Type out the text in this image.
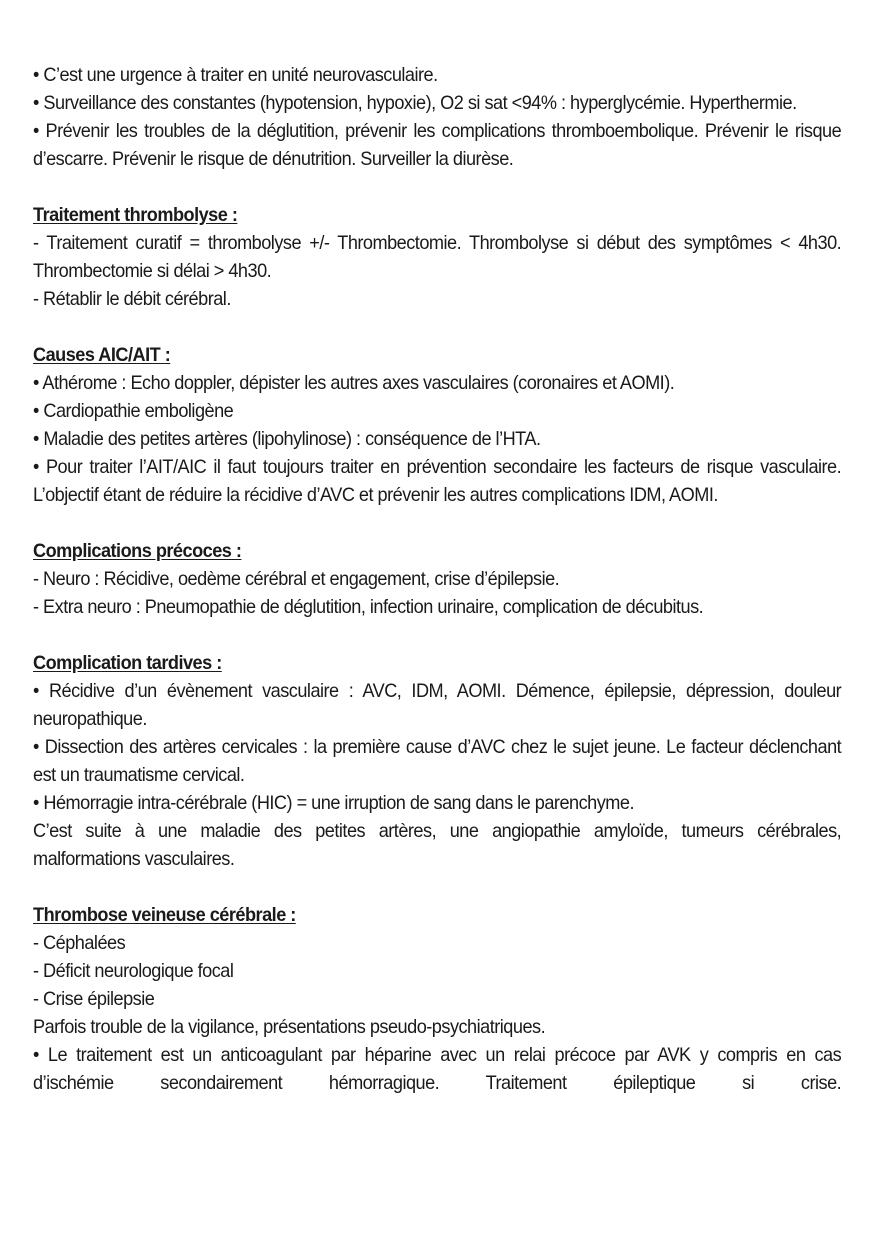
• C’est une urgence à traiter en unité neurovasculaire.

• Surveillance des constantes (hypotension, hypoxie), O2 si sat <94% : hyperglycémie. Hyperthermie.

• Prévenir les troubles de la déglutition, prévenir les complications thromboembolique. Prévenir le risque d’escarre. Prévenir le risque de dénutrition. Surveiller la diurèse.

Traitement thrombolyse :

- Traitement curatif = thrombolyse +/- Thrombectomie. Thrombolyse si début des symptômes < 4h30. Thrombectomie si délai > 4h30.

- Rétablir le débit cérébral.

Causes AIC/AIT :

• Athérome : Echo doppler, dépister les autres axes vasculaires (coronaires et AOMI).

• Cardiopathie emboligène

• Maladie des petites artères (lipohylinose) : conséquence de l’HTA.

• Pour traiter l’AIT/AIC il faut toujours traiter en prévention secondaire les facteurs de risque vasculaire. L’objectif étant de réduire la récidive d’AVC et prévenir les autres complications IDM, AOMI.

Complications précoces :

- Neuro : Récidive, oedème cérébral et engagement, crise d’épilepsie.

- Extra neuro : Pneumopathie de déglutition, infection urinaire, complication de décubitus.

Complication tardives :

• Récidive d’un évènement vasculaire : AVC, IDM, AOMI. Démence, épilepsie, dépression, douleur neuropathique.

• Dissection des artères cervicales : la première cause d’AVC chez le sujet jeune. Le facteur déclenchant est un traumatisme cervical.

• Hémorragie intra-cérébrale (HIC) = une irruption de sang dans le parenchyme.

C’est suite à une maladie des petites artères, une angiopathie amyloïde, tumeurs cérébrales, malformations vasculaires.

Thrombose veineuse cérébrale :

- Céphalées

- Déficit neurologique focal

- Crise épilepsie

Parfois trouble de la vigilance, présentations pseudo-psychiatriques.

• Le traitement est un anticoagulant par héparine avec un relai précoce par AVK y compris en cas d’ischémie secondairement hémorragique. Traitement épileptique si crise.
